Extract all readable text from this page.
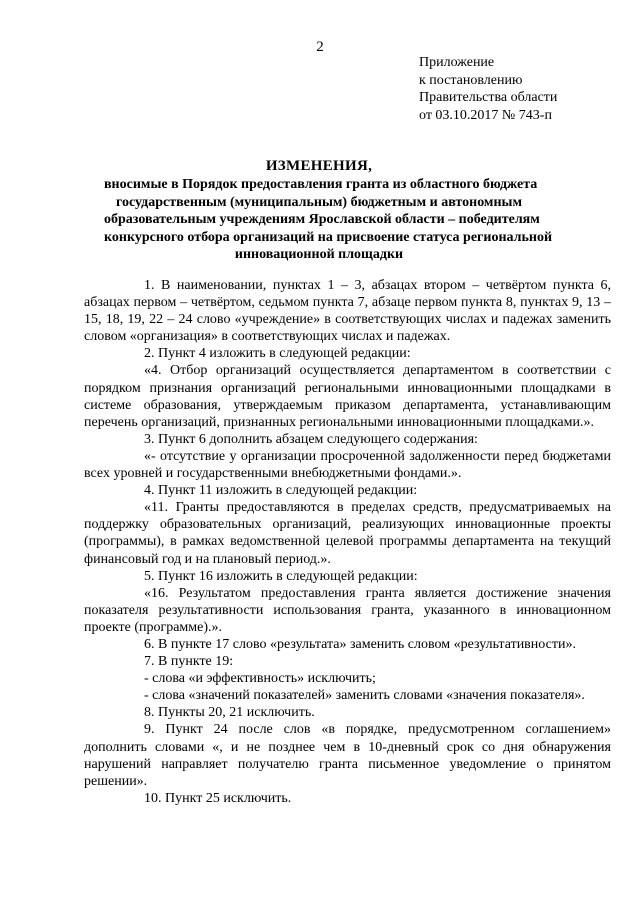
2
Приложение
к постановлению
Правительства области
от 03.10.2017 № 743-п
ИЗМЕНЕНИЯ,
вносимые в Порядок предоставления гранта из областного бюджета
государственным (муниципальным) бюджетным и автономным
образовательным учреждениям Ярославской области – победителям
конкурсного отбора организаций на присвоение статуса региональной
инновационной площадки

1. В наименовании, пунктах 1 – 3, абзацах втором – четвёртом пункта 6, абзацах первом – четвёртом, седьмом пункта 7, абзаце первом пункта 8, пунктах 9, 13 – 15, 18, 19, 22 – 24 слово «учреждение» в соответствующих числах и падежах заменить словом «организация» в соответствующих числах и падежах.

2. Пункт 4 изложить в следующей редакции:

«4. Отбор организаций осуществляется департаментом в соответствии с порядком признания организаций региональными инновационными площадками в системе образования, утверждаемым приказом департамента, устанавливающим перечень организаций, признанных региональными инновационными площадками.».

3. Пункт 6 дополнить абзацем следующего содержания:

«- отсутствие у организации просроченной задолженности перед бюджетами всех уровней и государственными внебюджетными фондами.».

4. Пункт 11 изложить в следующей редакции:

«11. Гранты предоставляются в пределах средств, предусматриваемых на поддержку образовательных организаций, реализующих инновационные проекты (программы), в рамках ведомственной целевой программы департамента на текущий финансовый год и на плановый период.».

5. Пункт 16 изложить в следующей редакции:

«16. Результатом предоставления гранта является достижение значения показателя результативности использования гранта, указанного в инновационном проекте (программе).».

6. В пункте 17 слово «результата» заменить словом «результативности».

7. В пункте 19:

- слова «и эффективность» исключить;

- слова «значений показателей» заменить словами «значения показателя».

8. Пункты 20, 21 исключить.

9. Пункт 24 после слов «в порядке, предусмотренном соглашением» дополнить словами «, и не позднее чем в 10-дневный срок со дня обнаружения нарушений направляет получателю гранта письменное уведомление о принятом решении».

10. Пункт 25 исключить.
